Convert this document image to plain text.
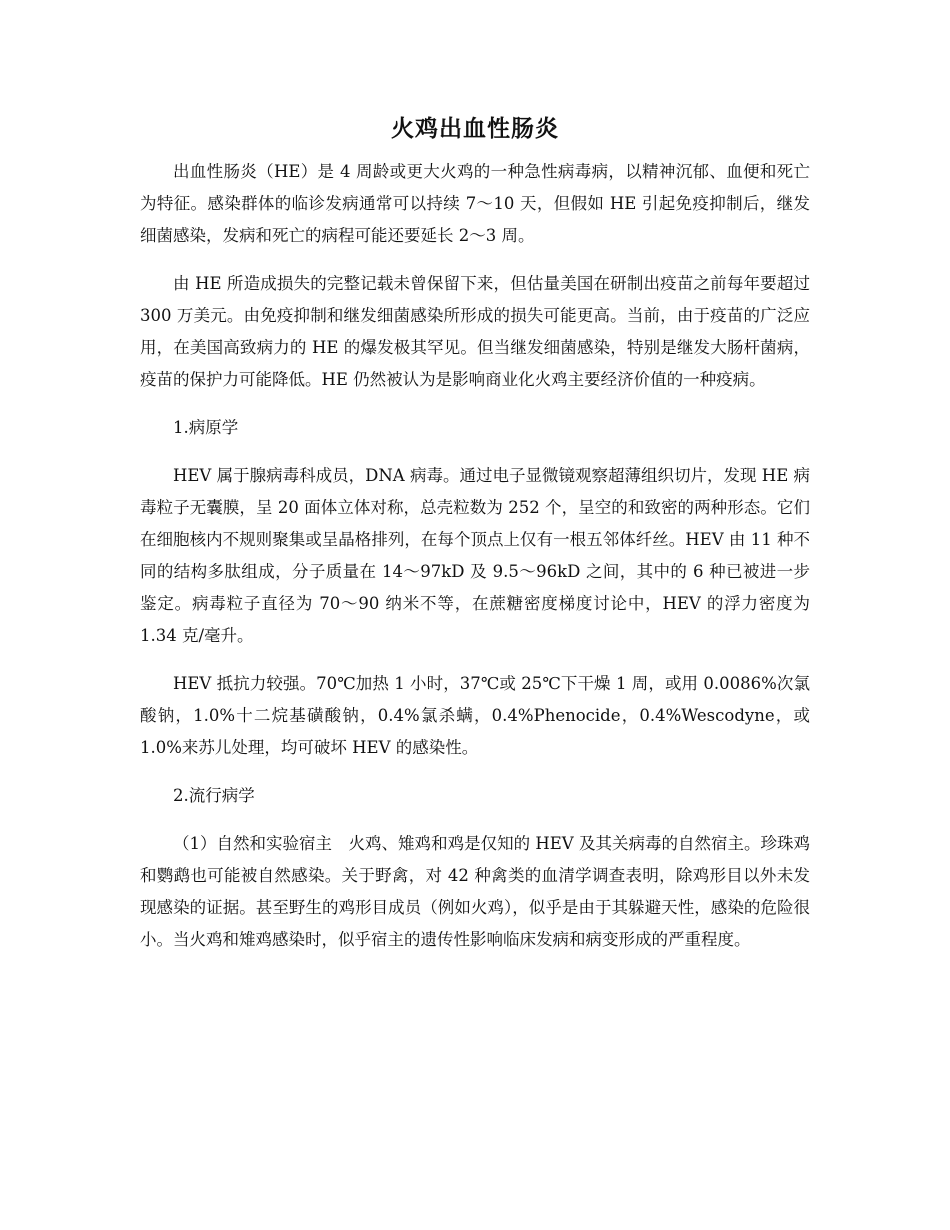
火鸡出血性肠炎

出血性肠炎（HE）是 4 周龄或更大火鸡的一种急性病毒病，以精神沉郁、血便和死亡为特征。感染群体的临诊发病通常可以持续 7～10 天，但假如 HE 引起免疫抑制后，继发细菌感染，发病和死亡的病程可能还要延长 2～3 周。

由 HE 所造成损失的完整记载未曾保留下来，但估量美国在研制出疫苗之前每年要超过 300 万美元。由免疫抑制和继发细菌感染所形成的损失可能更高。当前，由于疫苗的广泛应用，在美国高致病力的 HE 的爆发极其罕见。但当继发细菌感染，特别是继发大肠杆菌病，疫苗的保护力可能降低。HE 仍然被认为是影响商业化火鸡主要经济价值的一种疫病。

1.病原学

HEV 属于腺病毒科成员，DNA 病毒。通过电子显微镜观察超薄组织切片，发现 HE 病毒粒子无囊膜，呈 20 面体立体对称，总壳粒数为 252 个，呈空的和致密的两种形态。它们在细胞核内不规则聚集或呈晶格排列，在每个顶点上仅有一根五邻体纤丝。HEV 由 11 种不同的结构多肽组成，分子质量在 14～97kD 及 9.5～96kD 之间，其中的 6 种已被进一步鉴定。病毒粒子直径为 70～90 纳米不等，在蔗糖密度梯度讨论中，HEV 的浮力密度为 1.34 克/毫升。

HEV 抵抗力较强。70℃加热 1 小时，37℃或 25℃下干燥 1 周，或用 0.0086%次氯酸钠，1.0%十二烷基磺酸钠，0.4%氯杀螨，0.4%Phenocide，0.4%Wescodyne，或 1.0%来苏儿处理，均可破坏 HEV 的感染性。

2.流行病学

（1）自然和实验宿主　火鸡、雉鸡和鸡是仅知的 HEV 及其关病毒的自然宿主。珍珠鸡和鹦鹉也可能被自然感染。关于野禽，对 42 种禽类的血清学调查表明，除鸡形目以外未发现感染的证据。甚至野生的鸡形目成员（例如火鸡），似乎是由于其躲避天性，感染的危险很小。当火鸡和雉鸡感染时，似乎宿主的遗传性影响临床发病和病变形成的严重程度。
